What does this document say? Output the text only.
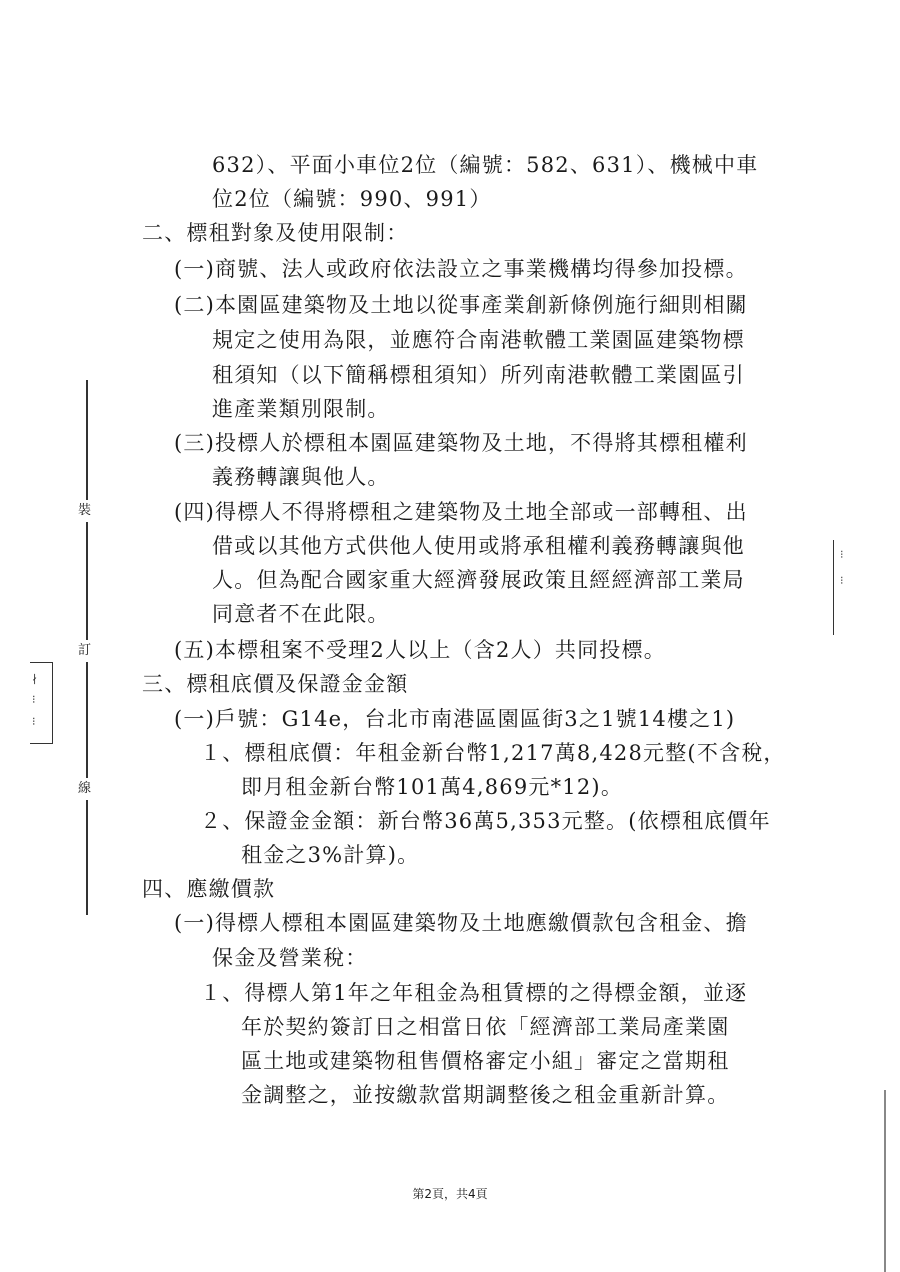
裝
訂
線
∤
⁝
⁝
⁝
⁝
632）、平面小車位2位（編號：582、631）、機械中車
位2位（編號：990、991）
二、標租對象及使用限制：
(一)商號、法人或政府依法設立之事業機構均得參加投標。
(二)本園區建築物及土地以從事產業創新條例施行細則相關
規定之使用為限，並應符合南港軟體工業園區建築物標
租須知（以下簡稱標租須知）所列南港軟體工業園區引
進產業類別限制。
(三)投標人於標租本園區建築物及土地，不得將其標租權利
義務轉讓與他人。
(四)得標人不得將標租之建築物及土地全部或一部轉租、出
借或以其他方式供他人使用或將承租權利義務轉讓與他
人。但為配合國家重大經濟發展政策且經經濟部工業局
同意者不在此限。
(五)本標租案不受理2人以上（含2人）共同投標。
三、標租底價及保證金金額
(一)戶號：G14e，台北市南港區園區街3之1號14樓之1)
１、標租底價：年租金新台幣1,217萬8,428元整(不含稅，
即月租金新台幣101萬4,869元*12)。
２、保證金金額：新台幣36萬5,353元整。(依標租底價年
租金之3%計算)。
四、應繳價款
(一)得標人標租本園區建築物及土地應繳價款包含租金、擔
保金及營業稅：
１、得標人第1年之年租金為租賃標的之得標金額，並逐
年於契約簽訂日之相當日依「經濟部工業局產業園
區土地或建築物租售價格審定小組」審定之當期租
金調整之，並按繳款當期調整後之租金重新計算。
第2頁，共4頁
